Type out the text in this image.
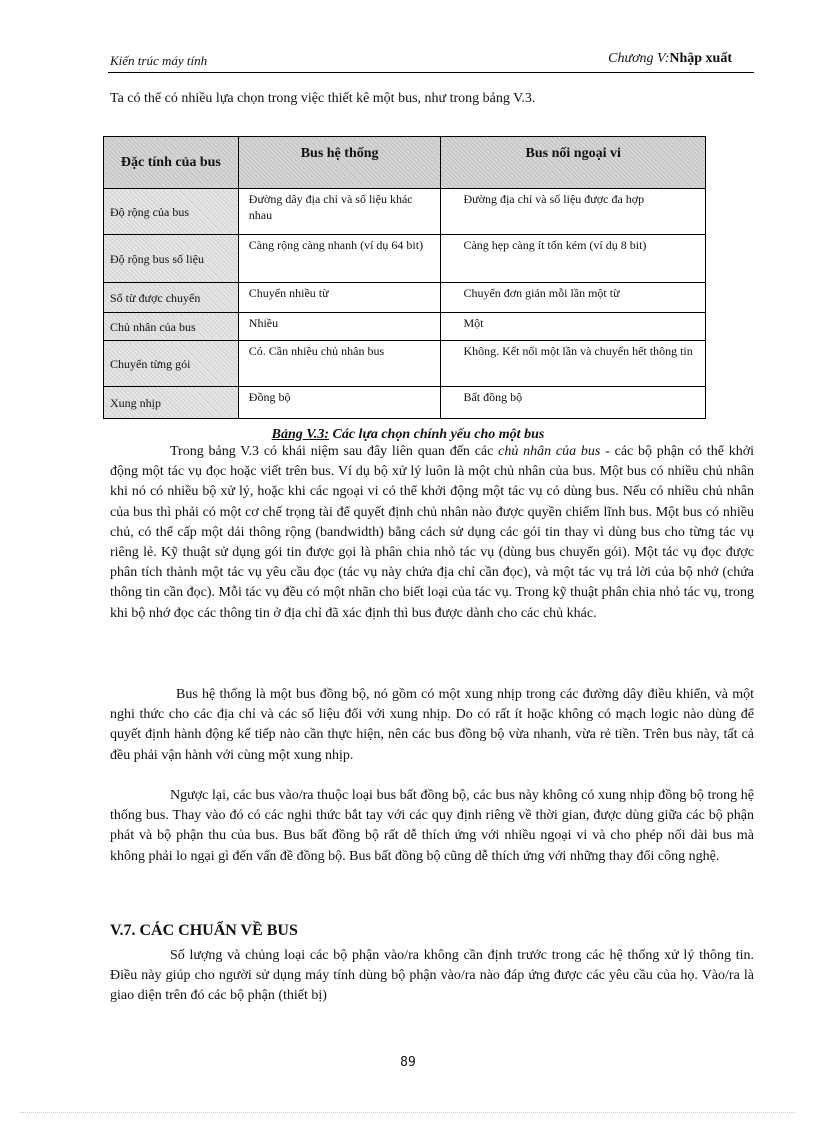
Kiến trúc máy tính	Chương V:Nhập xuất
Ta có thể có nhiều lựa chọn trong việc thiết kê một bus, như trong bảng V.3.
Đặc tính của bus	Bus hệ thống	Bus nối ngoại vi
Độ rộng của bus	Đường dây địa chỉ và số liệu khác nhau	Đường địa chỉ và số liệu được đa hợp
Độ rộng bus số liệu	Càng rộng càng nhanh (ví dụ 64 bit)	Càng hẹp càng ít tốn kém (ví dụ 8 bit)
Số từ được chuyển	Chuyển nhiều từ	Chuyển đơn giản mỗi lần một từ
Chủ nhân của bus	Nhiều	Một
Chuyển từng gói	Có. Cần nhiều chủ nhân bus	Không. Kết nối một lần và chuyển hết thông tin
Xung nhịp	Đồng bộ	Bất đồng bộ
Bảng V.3: Các lựa chọn chính yếu cho một bus

Trong bảng V.3 có khái niệm sau đây liên quan đến các chủ nhân của bus - các bộ phận có thể khởi động một tác vụ đọc hoặc viết trên bus. Ví dụ bộ xử lý luôn là một chủ nhân của bus. Một bus có nhiều chủ nhân khi nó có nhiều bộ xử lý, hoặc khi các ngoại vi có thể khởi động một tác vụ có dùng bus. Nếu có nhiều chủ nhân của bus thì phải có một cơ chế trọng tài để quyết định chủ nhân nào được quyền chiếm lĩnh bus. Một bus có nhiều chủ, có thể cấp một dải thông rộng (bandwidth) bằng cách sử dụng các gói tin thay vì dùng bus cho từng tác vụ riêng lẻ. Kỹ thuật sử dụng gói tin được gọi là phân chia nhỏ tác vụ (dùng bus chuyển gói). Một tác vụ đọc được phân tích thành một tác vụ yêu cầu đọc (tác vụ này chứa địa chỉ cần đọc), và một tác vụ trả lời của bộ nhớ (chứa thông tin cần đọc). Mỗi tác vụ đều có một nhãn cho biết loại của tác vụ. Trong kỹ thuật phân chia nhỏ tác vụ, trong khi bộ nhớ đọc các thông tin ở địa chỉ đã xác định thì bus được dành cho các chủ khác.

Bus hệ thống là một bus đồng bộ, nó gồm có một xung nhịp trong các đường dây điều khiển, và một nghi thức cho các địa chỉ và các số liệu đối với xung nhịp. Do có rất ít hoặc không có mạch logic nào dùng để quyết định hành động kế tiếp nào cần thực hiện, nên các bus đồng bộ vừa nhanh, vừa rẻ tiền. Trên bus này, tất cả đều phải vận hành với cùng một xung nhịp.

Ngược lại, các bus vào/ra thuộc loại bus bất đồng bộ, các bus này không có xung nhịp đồng bộ trong hệ thống bus. Thay vào đó có các nghi thức bắt tay với các quy định riêng về thời gian, được dùng giữa các bộ phận phát và bộ phận thu của bus. Bus bất đồng bộ rất dễ thích ứng với nhiều ngoại vi và cho phép nối dài bus mà không phải lo ngại gì đến vấn đề đồng bộ. Bus bất đồng bộ cũng dễ thích ứng với những thay đổi công nghệ.

V.7. CÁC CHUẨN VỀ BUS

Số lượng và chủng loại các bộ phận vào/ra không cần định trước trong các hệ thống xử lý thông tin. Điều này giúp cho người sử dụng máy tính dùng bộ phận vào/ra nào đáp ứng được các yêu cầu của họ. Vào/ra là giao diện trên đó các bộ phận (thiết bị)

89
